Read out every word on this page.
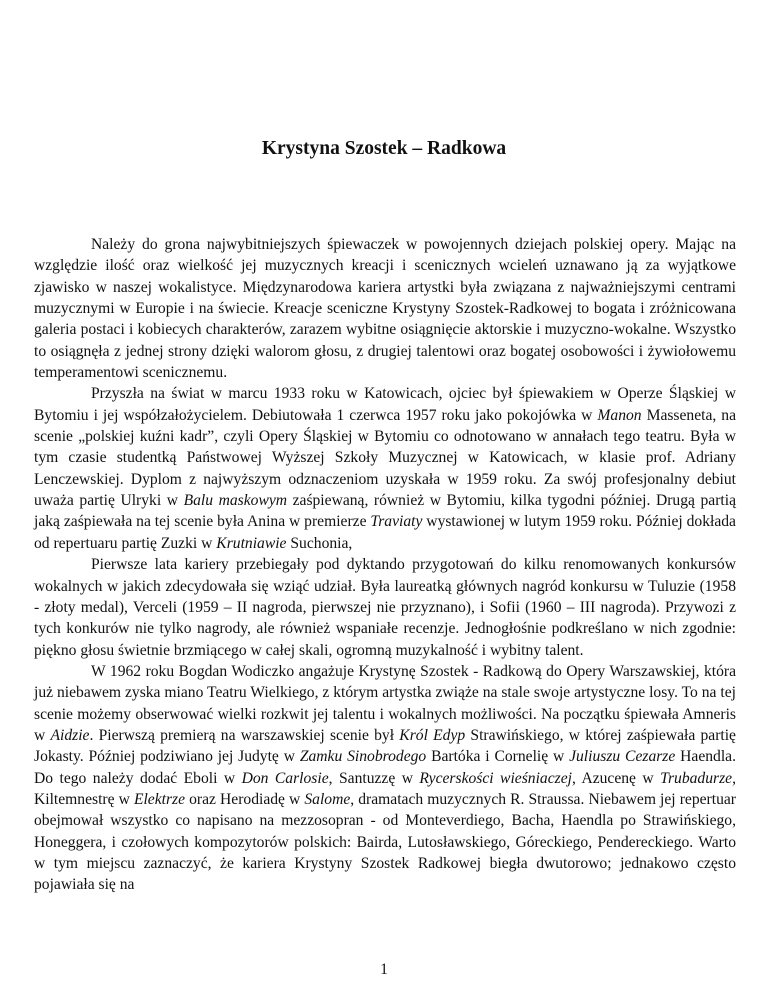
Krystyna Szostek – Radkowa

Należy do grona najwybitniejszych śpiewaczek w powojennych dziejach polskiej opery. Mając na względzie ilość oraz wielkość jej muzycznych kreacji i scenicznych wcieleń uznawano ją za wyjątkowe zjawisko w naszej wokalistyce. Międzynarodowa kariera artystki była związana z najważniejszymi centrami muzycznymi w Europie i na świecie. Kreacje sceniczne Krystyny Szostek-Radkowej to bogata i zróżnicowana galeria postaci i kobiecych charakterów, zarazem wybitne osiągnięcie aktorskie i muzyczno-wokalne. Wszystko to osiągnęła z jednej strony dzięki walorom głosu, z drugiej talentowi oraz bogatej osobowości i żywiołowemu temperamentowi scenicznemu.

Przyszła na świat w marcu 1933 roku w Katowicach, ojciec był śpiewakiem w Operze Śląskiej w Bytomiu i jej współzałożycielem. Debiutowała 1 czerwca 1957 roku jako pokojówka w Manon Masseneta, na scenie „polskiej kuźni kadr”, czyli Opery Śląskiej w Bytomiu co odnotowano w annałach tego teatru. Była w tym czasie studentką Państwowej Wyższej Szkoły Muzycznej w Katowicach, w klasie prof. Adriany Lenczewskiej. Dyplom z najwyższym odznaczeniom uzyskała w 1959 roku. Za swój profesjonalny debiut uważa partię Ulryki w Balu maskowym zaśpiewaną, również w Bytomiu, kilka tygodni później. Drugą partią jaką zaśpiewała na tej scenie była Anina w premierze Traviaty wystawionej w lutym 1959 roku. Później dokłada od repertuaru partię Zuzki w Krutniawie Suchonia,

Pierwsze lata kariery przebiegały pod dyktando przygotowań do kilku renomowanych konkursów wokalnych w jakich zdecydowała się wziąć udział. Była laureatką głównych nagród konkursu w Tuluzie (1958 - złoty medal), Verceli (1959 – II nagroda, pierwszej nie przyznano), i Sofii (1960 – III nagroda). Przywozi z tych konkurów nie tylko nagrody, ale również wspaniałe recenzje. Jednogłośnie podkreślano w nich zgodnie: piękno głosu świetnie brzmiącego w całej skali, ogromną muzykalność i wybitny talent.

W 1962 roku Bogdan Wodiczko angażuje Krystynę Szostek - Radkową do Opery Warszawskiej, która już niebawem zyska miano Teatru Wielkiego, z którym artystka zwiąże na stale swoje artystyczne losy. To na tej scenie możemy obserwować wielki rozkwit jej talentu i wokalnych możliwości. Na początku śpiewała Amneris w Aidzie. Pierwszą premierą na warszawskiej scenie był Król Edyp Strawińskiego, w której zaśpiewała partię Jokasty. Później podziwiano jej Judytę w Zamku Sinobrodego Bartóka i Cornelię w Juliuszu Cezarze Haendla. Do tego należy dodać Eboli w Don Carlosie, Santuzzę w Rycerskości wieśniaczej, Azucenę w Trubadurze, Kiltemnestrę w Elektrze oraz Herodiadę w Salome, dramatach muzycznych R. Straussa. Niebawem jej repertuar obejmował wszystko co napisano na mezzosopran - od Monteverdiego, Bacha, Haendla po Strawińskiego, Honeggera, i czołowych kompozytorów polskich: Bairda, Lutosławskiego, Góreckiego, Pendereckiego. Warto w tym miejscu zaznaczyć, że kariera Krystyny Szostek Radkowej biegła dwutorowo; jednakowo często pojawiała się na

1
